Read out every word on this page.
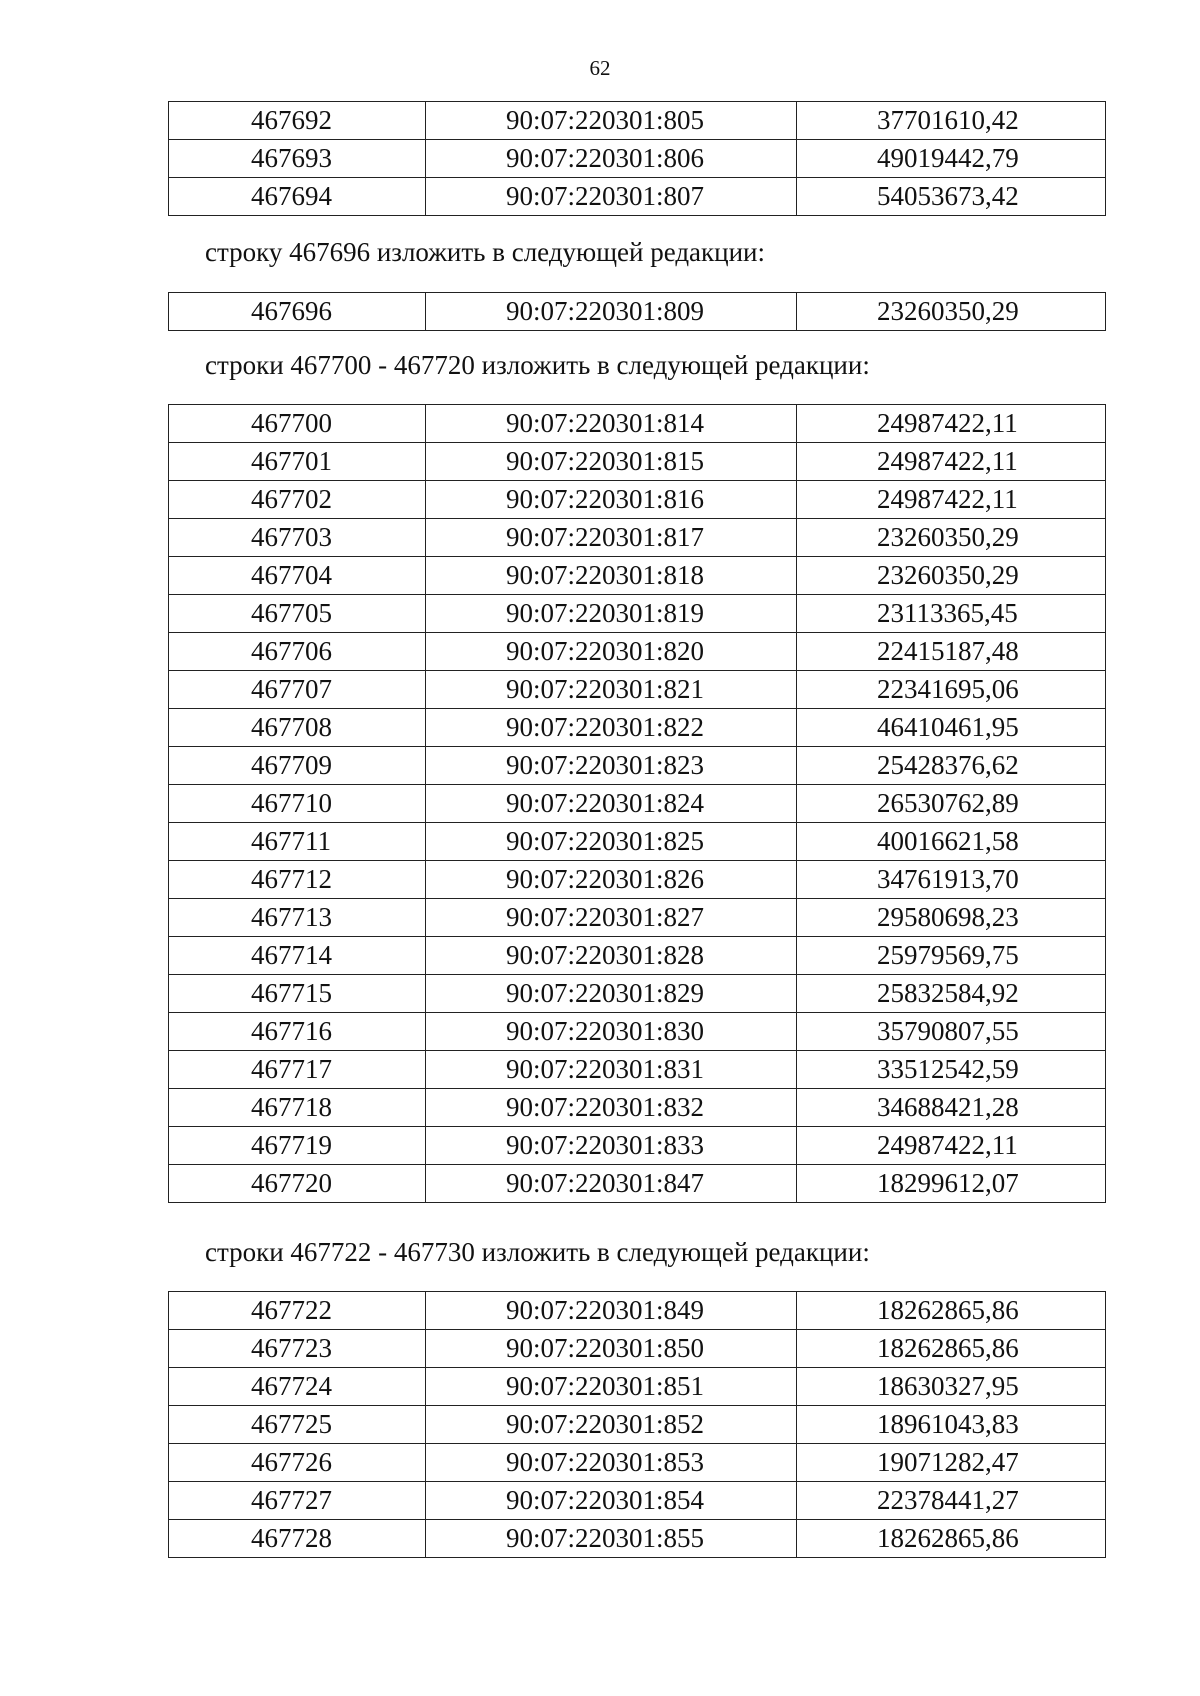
62
467692	90:07:220301:805	37701610,42
467693	90:07:220301:806	49019442,79
467694	90:07:220301:807	54053673,42
строку 467696 изложить в следующей редакции:
467696	90:07:220301:809	23260350,29
строки 467700 - 467720 изложить в следующей редакции:
467700	90:07:220301:814	24987422,11
467701	90:07:220301:815	24987422,11
467702	90:07:220301:816	24987422,11
467703	90:07:220301:817	23260350,29
467704	90:07:220301:818	23260350,29
467705	90:07:220301:819	23113365,45
467706	90:07:220301:820	22415187,48
467707	90:07:220301:821	22341695,06
467708	90:07:220301:822	46410461,95
467709	90:07:220301:823	25428376,62
467710	90:07:220301:824	26530762,89
467711	90:07:220301:825	40016621,58
467712	90:07:220301:826	34761913,70
467713	90:07:220301:827	29580698,23
467714	90:07:220301:828	25979569,75
467715	90:07:220301:829	25832584,92
467716	90:07:220301:830	35790807,55
467717	90:07:220301:831	33512542,59
467718	90:07:220301:832	34688421,28
467719	90:07:220301:833	24987422,11
467720	90:07:220301:847	18299612,07
строки 467722 - 467730 изложить в следующей редакции:
467722	90:07:220301:849	18262865,86
467723	90:07:220301:850	18262865,86
467724	90:07:220301:851	18630327,95
467725	90:07:220301:852	18961043,83
467726	90:07:220301:853	19071282,47
467727	90:07:220301:854	22378441,27
467728	90:07:220301:855	18262865,86
